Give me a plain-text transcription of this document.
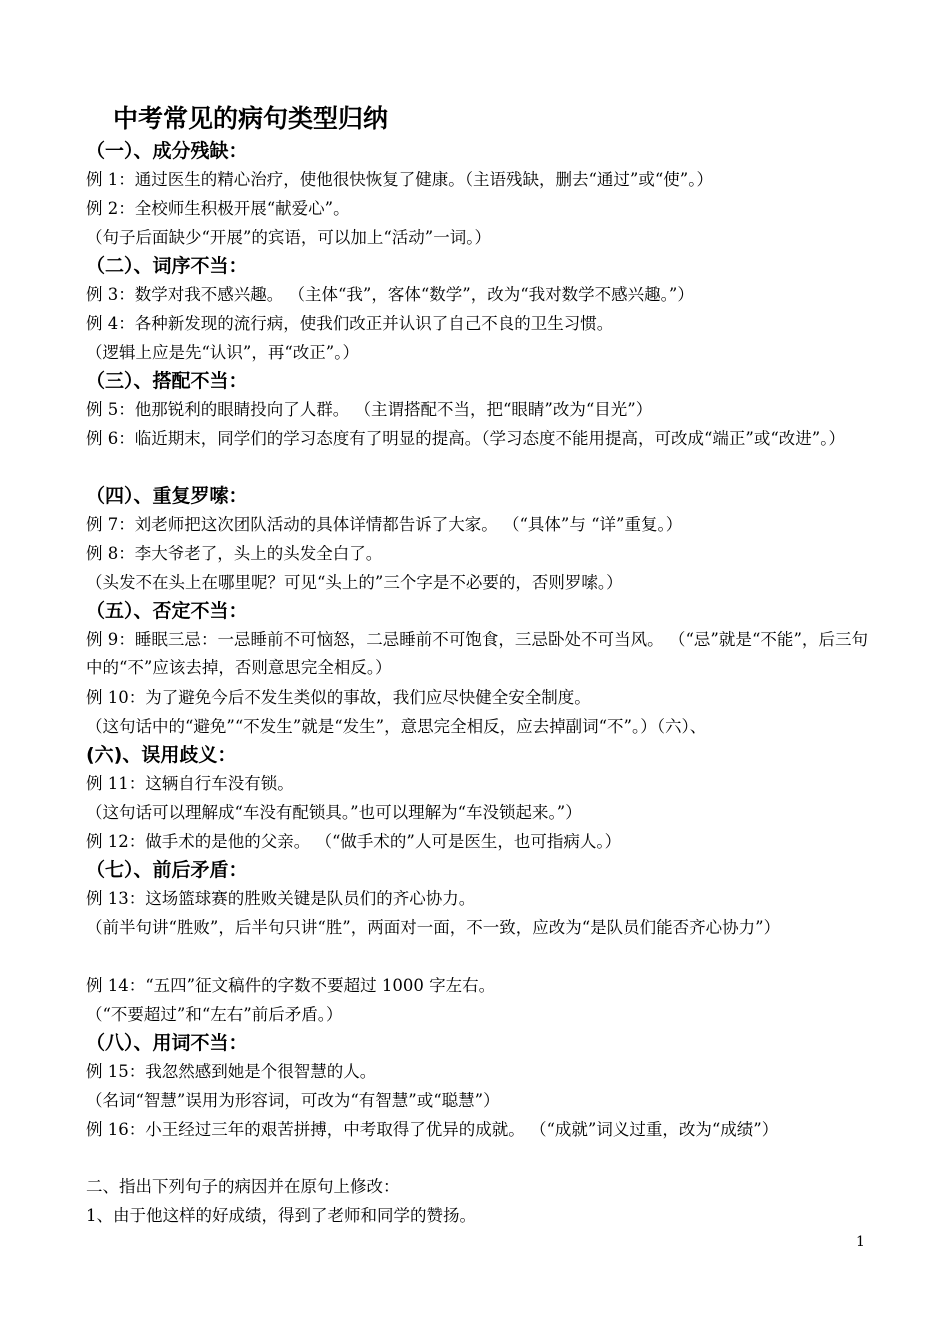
中考常见的病句类型归纳
（一）、成分残缺：
例 1：通过医生的精心治疗，使他很快恢复了健康。（主语残缺，删去“通过”或“使”。）
例 2：全校师生积极开展“献爱心”。
（句子后面缺少“开展”的宾语，可以加上“活动”一词。）
（二）、词序不当：
例 3：数学对我不感兴趣。 （主体“我”，客体“数学”，改为“我对数学不感兴趣。”）
例 4：各种新发现的流行病，使我们改正并认识了自己不良的卫生习惯。
（逻辑上应是先“认识”，再“改正”。）
（三）、搭配不当：
例 5：他那锐利的眼睛投向了人群。 （主谓搭配不当，把“眼睛”改为“目光”）
例 6：临近期末，同学们的学习态度有了明显的提高。（学习态度不能用提高，可改成“端正”或“改进”。）
（四）、重复罗嗦：
例 7：刘老师把这次团队活动的具体详情都告诉了大家。 （“具体”与 “详”重复。）
例 8：李大爷老了，头上的头发全白了。
（头发不在头上在哪里呢？可见“头上的”三个字是不必要的，否则罗嗦。）
（五）、否定不当：
例 9：睡眠三忌：一忌睡前不可恼怒，二忌睡前不可饱食，三忌卧处不可当风。 （“忌”就是“不能”，后三句中的“不”应该去掉，否则意思完全相反。）
例 10：为了避免今后不发生类似的事故，我们应尽快健全安全制度。
（这句话中的“避免”“不发生”就是“发生”，意思完全相反，应去掉副词“不”。）（六）、
(六)、误用歧义：
例 11：这辆自行车没有锁。
（这句话可以理解成“车没有配锁具。”也可以理解为“车没锁起来。”）
例 12：做手术的是他的父亲。 （“做手术的”人可是医生，也可指病人。）
（七）、前后矛盾：
例 13：这场篮球赛的胜败关键是队员们的齐心协力。
（前半句讲“胜败”，后半句只讲“胜”，两面对一面，不一致，应改为“是队员们能否齐心协力”）
例 14：“五四”征文稿件的字数不要超过 1000 字左右。
（“不要超过”和“左右”前后矛盾。）
（八）、用词不当：
例 15：我忽然感到她是个很智慧的人。
（名词“智慧”误用为形容词，可改为“有智慧”或“聪慧”）
例 16：小王经过三年的艰苦拼搏，中考取得了优异的成就。 （“成就”词义过重，改为“成绩”）
二、指出下列句子的病因并在原句上修改：
1、由于他这样的好成绩，得到了老师和同学的赞扬。
1
